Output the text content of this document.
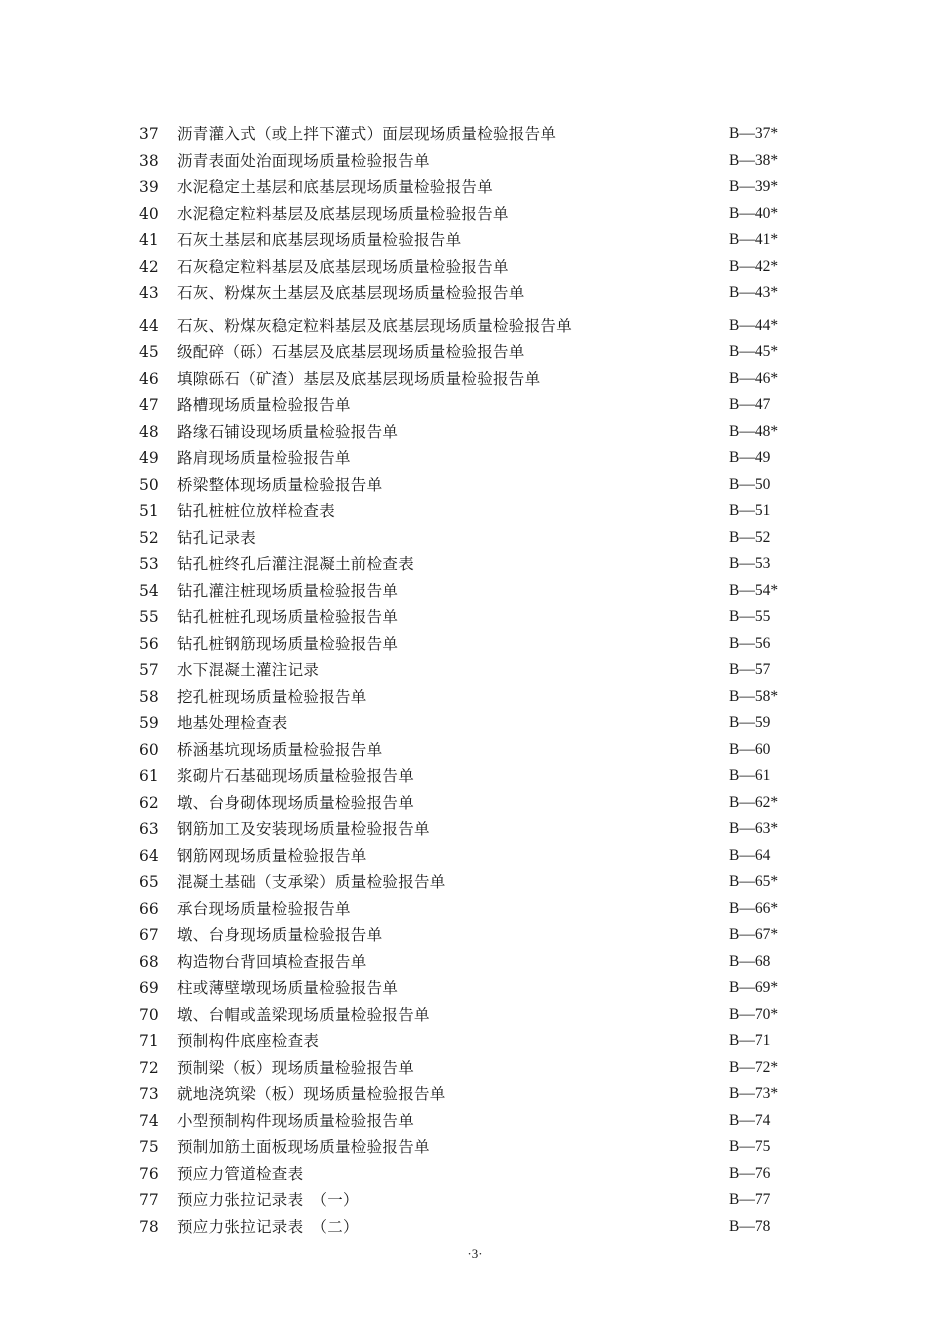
37	沥青灌入式（或上拌下灌式）面层现场质量检验报告单	B—37*
38	沥青表面处治面现场质量检验报告单	B—38*
39	水泥稳定土基层和底基层现场质量检验报告单	B—39*
40	水泥稳定粒料基层及底基层现场质量检验报告单	B—40*
41	石灰土基层和底基层现场质量检验报告单	B—41*
42	石灰稳定粒料基层及底基层现场质量检验报告单	B—42*
43	石灰、粉煤灰土基层及底基层现场质量检验报告单	B—43*
44	石灰、粉煤灰稳定粒料基层及底基层现场质量检验报告单	B—44*
45	级配碎（砾）石基层及底基层现场质量检验报告单	B—45*
46	填隙砾石（矿渣）基层及底基层现场质量检验报告单	B—46*
47	路槽现场质量检验报告单	B—47
48	路缘石铺设现场质量检验报告单	B—48*
49	路肩现场质量检验报告单	B—49
50	桥梁整体现场质量检验报告单	B—50
51	钻孔桩桩位放样检查表	B—51
52	钻孔记录表	B—52
53	钻孔桩终孔后灌注混凝土前检查表	B—53
54	钻孔灌注桩现场质量检验报告单	B—54*
55	钻孔桩桩孔现场质量检验报告单	B—55
56	钻孔桩钢筋现场质量检验报告单	B—56
57	水下混凝土灌注记录	B—57
58	挖孔桩现场质量检验报告单	B—58*
59	地基处理检查表	B—59
60	桥涵基坑现场质量检验报告单	B—60
61	浆砌片石基础现场质量检验报告单	B—61
62	墩、台身砌体现场质量检验报告单	B—62*
63	钢筋加工及安装现场质量检验报告单	B—63*
64	钢筋网现场质量检验报告单	B—64
65	混凝土基础（支承梁）质量检验报告单	B—65*
66	承台现场质量检验报告单	B—66*
67	墩、台身现场质量检验报告单	B—67*
68	构造物台背回填检查报告单	B—68
69	柱或薄壁墩现场质量检验报告单	B—69*
70	墩、台帽或盖梁现场质量检验报告单	B—70*
71	预制构件底座检查表	B—71
72	预制梁（板）现场质量检验报告单	B—72*
73	就地浇筑梁（板）现场质量检验报告单	B—73*
74	小型预制构件现场质量检验报告单	B—74
75	预制加筋土面板现场质量检验报告单	B—75
76	预应力管道检查表	B—76
77	预应力张拉记录表　（一）	B—77
78	预应力张拉记录表　（二）	B—78
·3·
